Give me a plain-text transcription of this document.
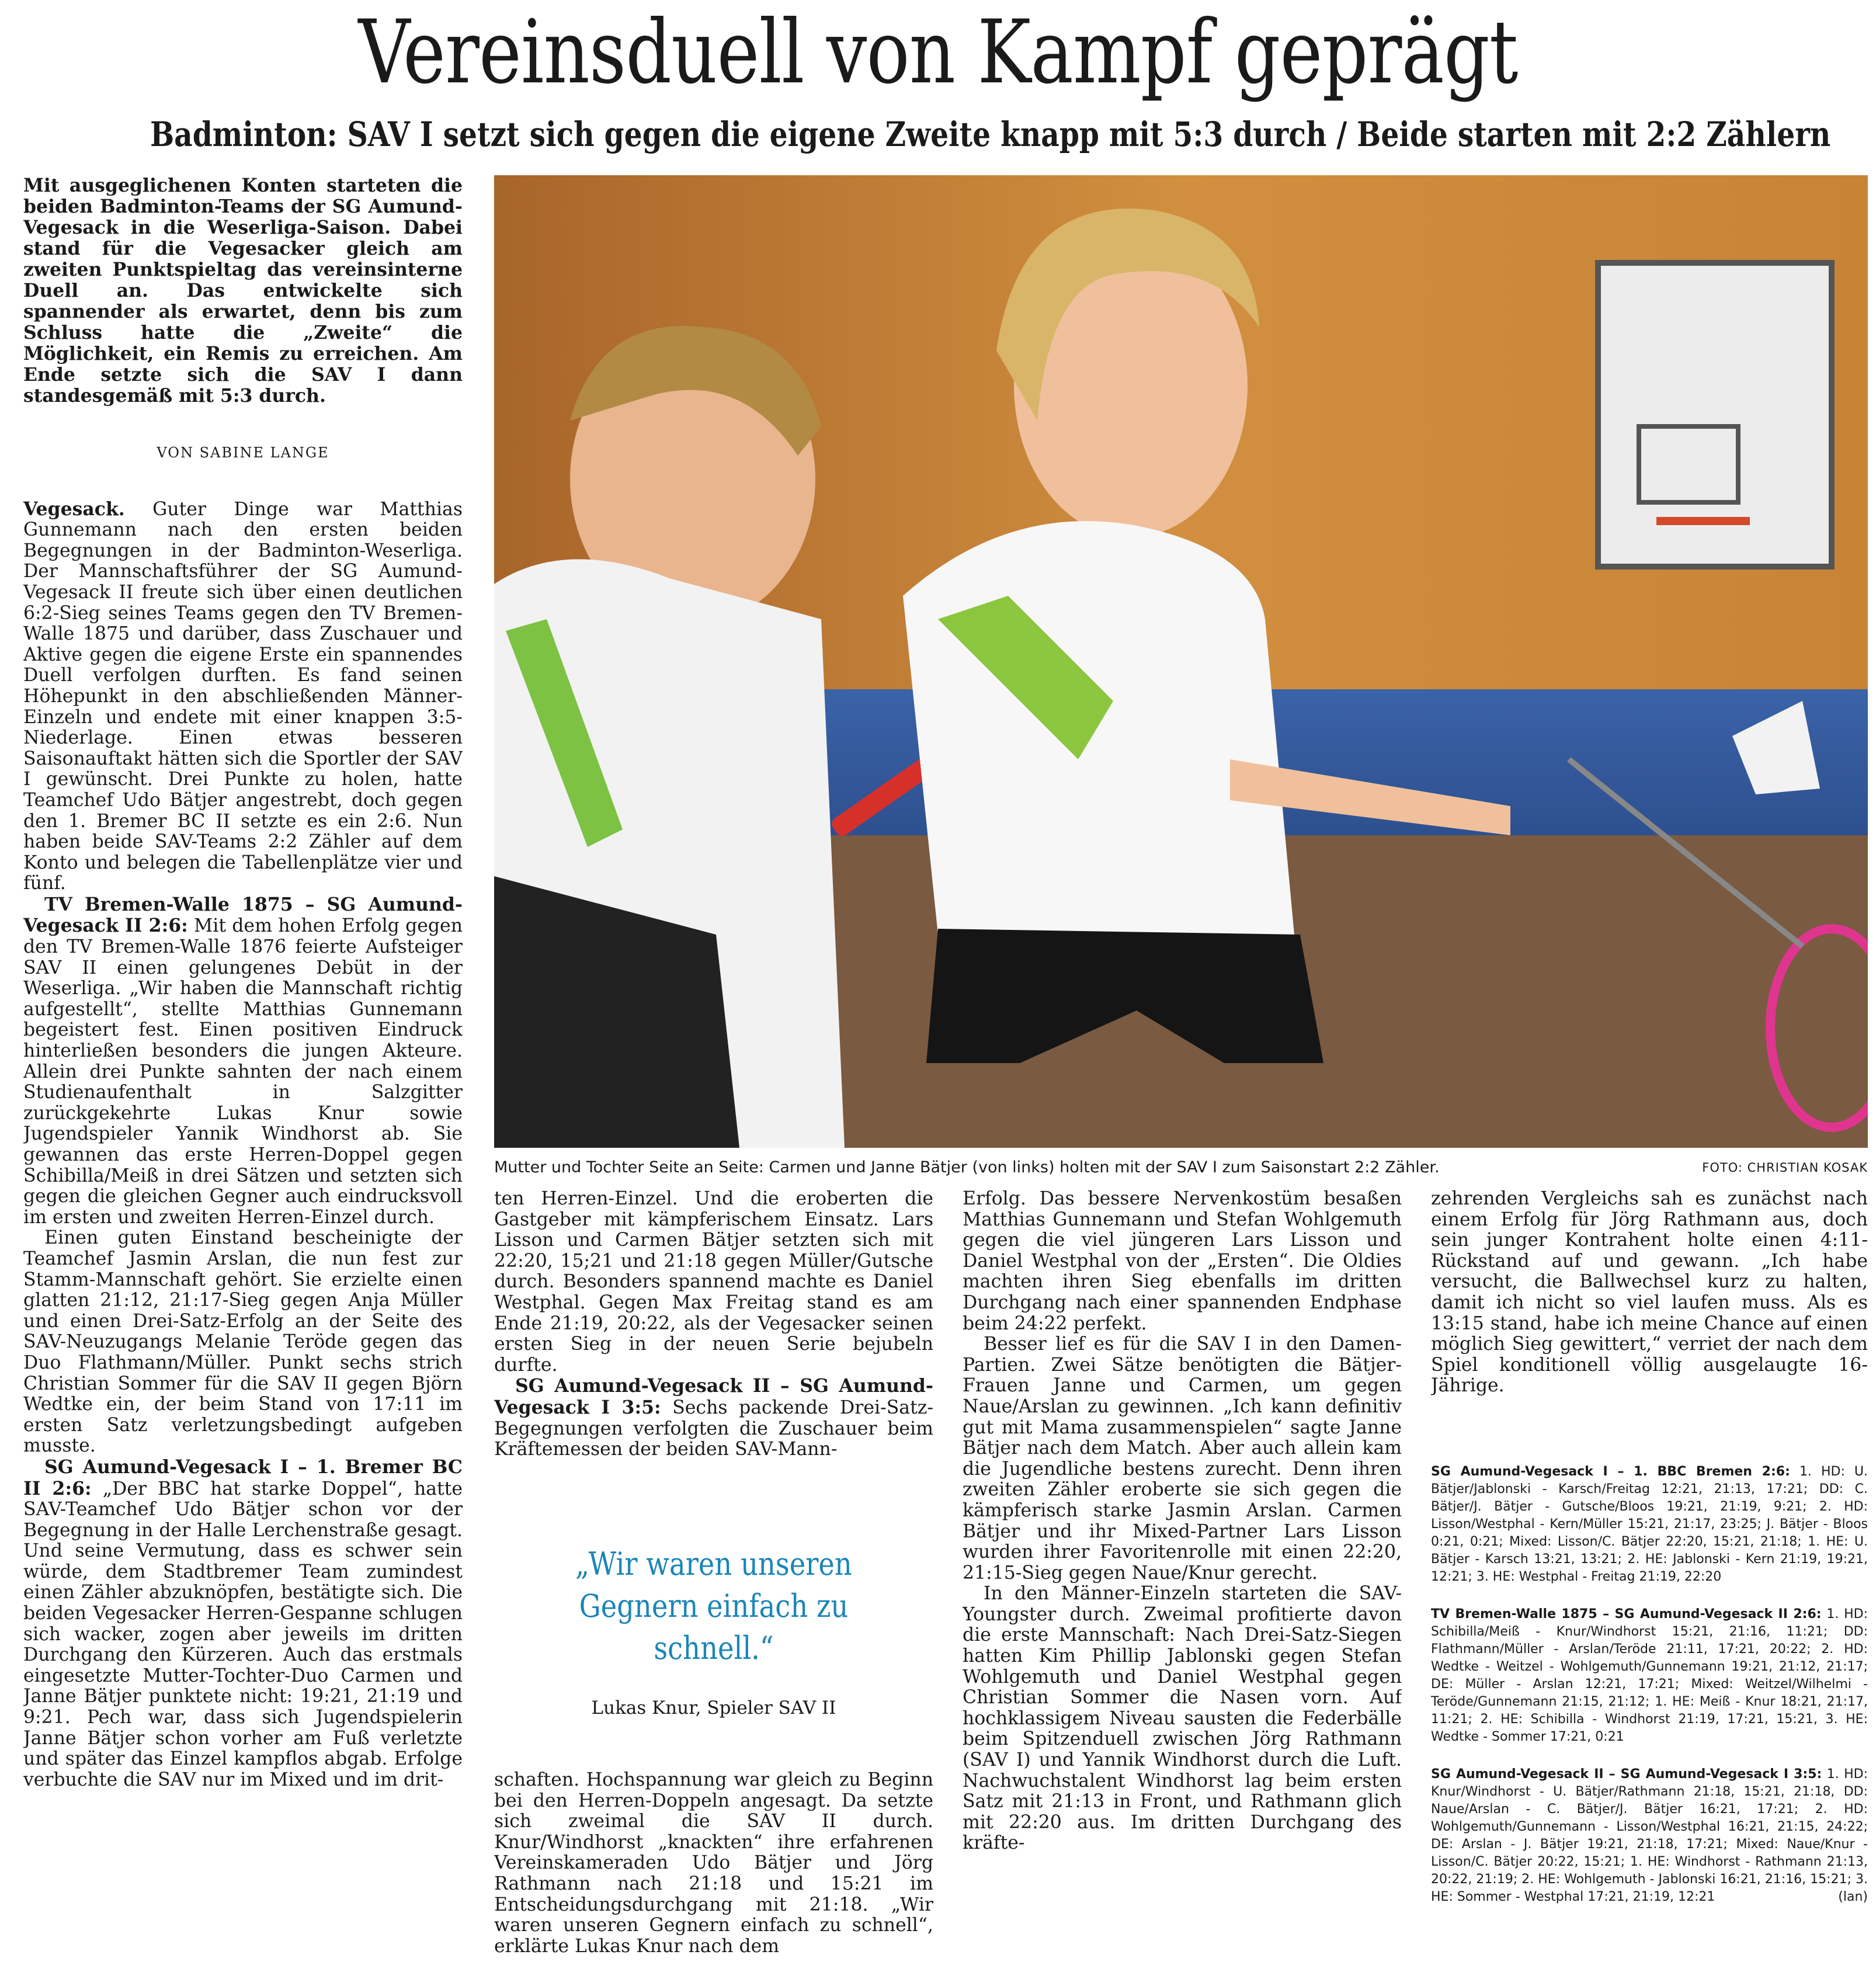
Vereinsduell von Kampf geprägt
Badminton: SAV I setzt sich gegen die eigene Zweite knapp mit 5:3 durch / Beide starten mit 2:2 Zählern

Mit ausgeglichenen Konten starteten die beiden Badminton-Teams der SG Aumund-Vegesack in die Weserliga-Saison. Dabei stand für die Vegesacker gleich am zweiten Punktspieltag das vereinsinterne Duell an. Das entwickelte sich spannender als erwartet, denn bis zum Schluss hatte die „Zweite“ die Möglichkeit, ein Remis zu erreichen. Am Ende setzte sich die SAV I dann standesgemäß mit 5:3 durch.

VON SABINE LANGE

Vegesack. Guter Dinge war Matthias Gunnemann nach den ersten beiden Begegnungen in der Badminton-Weserliga. Der Mannschaftsführer der SG Aumund-Vegesack II freute sich über einen deutlichen 6:2-Sieg seines Teams gegen den TV Bremen-Walle 1875 und darüber, dass Zuschauer und Aktive gegen die eigene Erste ein spannendes Duell verfolgen durften. Es fand seinen Höhepunkt in den abschließenden Männer-Einzeln und endete mit einer knappen 3:5-Niederlage. Einen etwas besseren Saisonauftakt hätten sich die Sportler der SAV I gewünscht. Drei Punkte zu holen, hatte Teamchef Udo Bätjer angestrebt, doch gegen den 1. Bremer BC II setzte es ein 2:6. Nun haben beide SAV-Teams 2:2 Zähler auf dem Konto und belegen die Tabellenplätze vier und fünf.

TV Bremen-Walle 1875 – SG Aumund-Vegesack II 2:6: Mit dem hohen Erfolg gegen den TV Bremen-Walle 1876 feierte Aufsteiger SAV II einen gelungenes Debüt in der Weserliga. „Wir haben die Mannschaft richtig aufgestellt“, stellte Matthias Gunnemann begeistert fest. Einen positiven Eindruck hinterließen besonders die jungen Akteure. Allein drei Punkte sahnten der nach einem Studienaufenthalt in Salzgitter zurückgekehrte Lukas Knur sowie Jugendspieler Yannik Windhorst ab. Sie gewannen das erste Herren-Doppel gegen Schibilla/Meiß in drei Sätzen und setzten sich gegen die gleichen Gegner auch eindrucksvoll im ersten und zweiten Herren-Einzel durch.

Einen guten Einstand bescheinigte der Teamchef Jasmin Arslan, die nun fest zur Stamm-Mannschaft gehört. Sie erzielte einen glatten 21:12, 21:17-Sieg gegen Anja Müller und einen Drei-Satz-Erfolg an der Seite des SAV-Neuzugangs Melanie Teröde gegen das Duo Flathmann/Müller. Punkt sechs strich Christian Sommer für die SAV II gegen Björn Wedtke ein, der beim Stand von 17:11 im ersten Satz verletzungsbedingt aufgeben musste.

SG Aumund-Vegesack I – 1. Bremer BC II 2:6: „Der BBC hat starke Doppel“, hatte SAV-Teamchef Udo Bätjer schon vor der Begegnung in der Halle Lerchenstraße gesagt. Und seine Vermutung, dass es schwer sein würde, dem Stadtbremer Team zumindest einen Zähler abzuknöpfen, bestätigte sich. Die beiden Vegesacker Herren-Gespanne schlugen sich wacker, zogen aber jeweils im dritten Durchgang den Kürzeren. Auch das erstmals eingesetzte Mutter-Tochter-Duo Carmen und Janne Bätjer punktete nicht: 19:21, 21:19 und 9:21. Pech war, dass sich Jugendspielerin Janne Bätjer schon vorher am Fuß verletzte und später das Einzel kampflos abgab. Erfolge verbuchte die SAV nur im Mixed und im drit-

Mutter und Tochter Seite an Seite: Carmen und Janne Bätjer (von links) holten mit der SAV I zum Saisonstart 2:2 Zähler.	FOTO: CHRISTIAN KOSAK

ten Herren-Einzel. Und die eroberten die Gastgeber mit kämpferischem Einsatz. Lars Lisson und Carmen Bätjer setzten sich mit 22:20, 15;21 und 21:18 gegen Müller/Gutsche durch. Besonders spannend machte es Daniel Westphal. Gegen Max Freitag stand es am Ende 21:19, 20:22, als der Vegesacker seinen ersten Sieg in der neuen Serie bejubeln durfte.

SG Aumund-Vegesack II – SG Aumund-Vegesack I 3:5: Sechs packende Drei-Satz-Begegnungen verfolgten die Zuschauer beim Kräftemessen der beiden SAV-Mann-

„Wir waren unseren Gegnern einfach zu schnell.“
Lukas Knur, Spieler SAV II

schaften. Hochspannung war gleich zu Beginn bei den Herren-Doppeln angesagt. Da setzte sich zweimal die SAV II durch. Knur/Windhorst „knackten“ ihre erfahrenen Vereinskameraden Udo Bätjer und Jörg Rathmann nach 21:18 und 15:21 im Entscheidungsdurchgang mit 21:18. „Wir waren unseren Gegnern einfach zu schnell“, erklärte Lukas Knur nach dem

Erfolg. Das bessere Nervenkostüm besaßen Matthias Gunnemann und Stefan Wohlgemuth gegen die viel jüngeren Lars Lisson und Daniel Westphal von der „Ersten“. Die Oldies machten ihren Sieg ebenfalls im dritten Durchgang nach einer spannenden Endphase beim 24:22 perfekt.

Besser lief es für die SAV I in den Damen-Partien. Zwei Sätze benötigten die Bätjer-Frauen Janne und Carmen, um gegen Naue/Arslan zu gewinnen. „Ich kann definitiv gut mit Mama zusammenspielen“ sagte Janne Bätjer nach dem Match. Aber auch allein kam die Jugendliche bestens zurecht. Denn ihren zweiten Zähler eroberte sie sich gegen die kämpferisch starke Jasmin Arslan. Carmen Bätjer und ihr Mixed-Partner Lars Lisson wurden ihrer Favoritenrolle mit einen 22:20, 21:15-Sieg gegen Naue/Knur gerecht.

In den Männer-Einzeln starteten die SAV-Youngster durch. Zweimal profitierte davon die erste Mannschaft: Nach Drei-Satz-Siegen hatten Kim Phillip Jablonski gegen Stefan Wohlgemuth und Daniel Westphal gegen Christian Sommer die Nasen vorn. Auf hochklassigem Niveau sausten die Federbälle beim Spitzenduell zwischen Jörg Rathmann (SAV I) und Yannik Windhorst durch die Luft. Nachwuchstalent Windhorst lag beim ersten Satz mit 21:13 in Front, und Rathmann glich mit 22:20 aus. Im dritten Durchgang des kräfte-

zehrenden Vergleichs sah es zunächst nach einem Erfolg für Jörg Rathmann aus, doch sein junger Kontrahent holte einen 4:11-Rückstand auf und gewann. „Ich habe versucht, die Ballwechsel kurz zu halten, damit ich nicht so viel laufen muss. Als es 13:15 stand, habe ich meine Chance auf einen möglich Sieg gewittert,“ verriet der nach dem Spiel konditionell völlig ausgelaugte 16-Jährige.

SG Aumund-Vegesack I – 1. BBC Bremen 2:6: 1. HD: U. Bätjer/Jablonski - Karsch/Freitag 12:21, 21:13, 17:21; DD: C. Bätjer/J. Bätjer - Gutsche/Bloos 19:21, 21:19, 9:21; 2. HD: Lisson/Westphal - Kern/Müller 15:21, 21:17, 23:25; J. Bätjer - Bloos 0:21, 0:21; Mixed: Lisson/C. Bätjer 22:20, 15:21, 21:18; 1. HE: U. Bätjer - Karsch 13:21, 13:21; 2. HE: Jablonski - Kern 21:19, 19:21, 12:21; 3. HE: Westphal - Freitag 21:19, 22:20
TV Bremen-Walle 1875 – SG Aumund-Vegesack II 2:6: 1. HD: Schibilla/Meiß - Knur/Windhorst 15:21, 21:16, 11:21; DD: Flathmann/Müller - Arslan/Teröde 21:11, 17:21, 20:22; 2. HD: Wedtke - Weitzel - Wohlgemuth/Gunnemann 19:21, 21:12, 21:17; DE: Müller - Arslan 12:21, 17:21; Mixed: Weitzel/Wilhelmi - Teröde/Gunnemann 21:15, 21:12; 1. HE: Meiß - Knur 18:21, 21:17, 11:21; 2. HE: Schibilla - Windhorst 21:19, 17:21, 15:21, 3. HE: Wedtke - Sommer 17:21, 0:21
SG Aumund-Vegesack II – SG Aumund-Vegesack I 3:5: 1. HD: Knur/Windhorst - U. Bätjer/Rathmann 21:18, 15:21, 21:18, DD: Naue/Arslan - C. Bätjer/J. Bätjer 16:21, 17:21; 2. HD: Wohlgemuth/Gunnemann - Lisson/Westphal 16:21, 21:15, 24:22; DE: Arslan - J. Bätjer 19:21, 21:18, 17:21; Mixed: Naue/Knur - Lisson/C. Bätjer 20:22, 15:21; 1. HE: Windhorst - Rathmann 21:13, 20:22, 21:19; 2. HE: Wohlgemuth - Jablonski 16:21, 21:16, 15:21; 3. HE: Sommer - Westphal 17:21, 21:19, 12:21	(lan)
